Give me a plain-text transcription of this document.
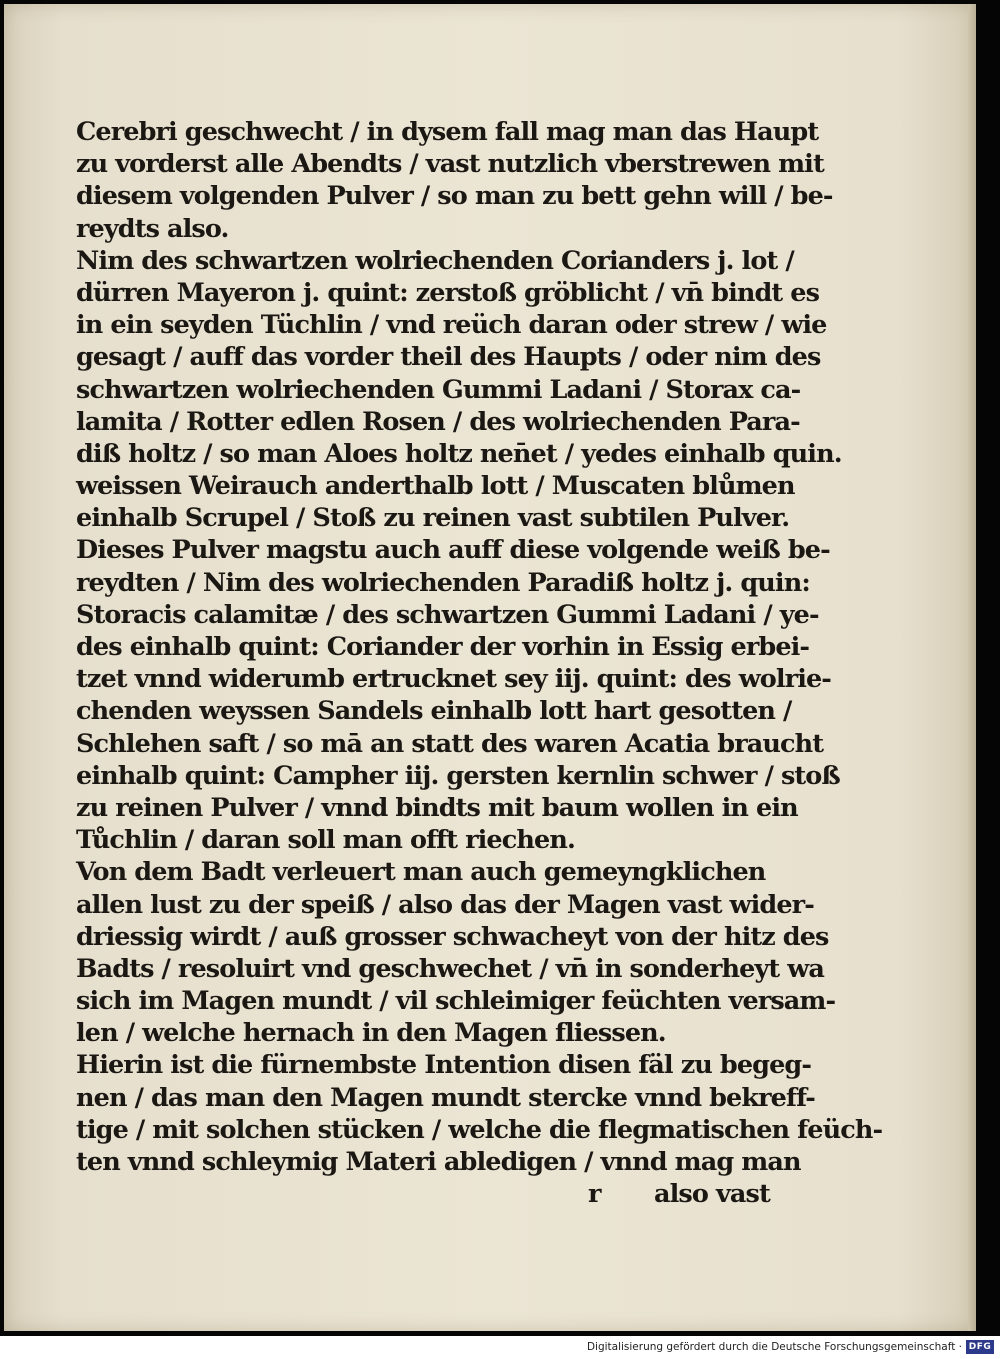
Cerebri geschwecht / in dysem fall mag man das Haupt
zu vorderst alle Abendts / vast nutzlich vberstrewen mit
diesem volgenden Pulver / so man zu bett gehn will / be-
reydts also.
Nim des schwartzen wolriechenden Corianders j. lot /
dürren Mayeron j. quint: zerstoß gröblicht / vn̄ bindt es
in ein seyden Tüchlin / vnd reüch daran oder strew / wie
gesagt / auff das vorder theil des Haupts / oder nim des
schwartzen wolriechenden Gummi Ladani / Storax ca-
lamita / Rotter edlen Rosen / des wolriechenden Para-
diß holtz / so man Aloes holtz nen̄et / yedes einhalb quin.
weissen Weirauch anderthalb lott / Muscaten blůmen
einhalb Scrupel / Stoß zu reinen vast subtilen Pulver.
Dieses Pulver magstu auch auff diese volgende weiß be-
reydten / Nim des wolriechenden Paradiß holtz j. quin:
Storacis calamitæ / des schwartzen Gummi Ladani / ye-
des einhalb quint: Coriander der vorhin in Essig erbei-
tzet vnnd widerumb ertrucknet sey iij. quint: des wolrie-
chenden weyssen Sandels einhalb lott hart gesotten /
Schlehen saft / so mā an statt des waren Acatia braucht
einhalb quint: Campher iij. gersten kernlin schwer / stoß
zu reinen Pulver / vnnd bindts mit baum wollen in ein
Tůchlin / daran soll man offt riechen.
Von dem Badt verleuert man auch gemeyngklichen
allen lust zu der speiß / also das der Magen vast wider-
driessig wirdt / auß grosser schwacheyt von der hitz des
Badts / resoluirt vnd geschwechet / vn̄ in sonderheyt wa
sich im Magen mundt / vil schleimiger feüchten versam-
len / welche hernach in den Magen fliessen.
Hierin ist die fürnembste Intention disen fäl zu begeg-
nen / das man den Magen mundt stercke vnnd bekreff-
tige / mit solchen stücken / welche die flegmatischen feüch-
ten vnnd schleymig Materi abledigen / vnnd mag man
r also vast
Digitalisierung gefördert durch die Deutsche Forschungsgemeinschaft · DFG
